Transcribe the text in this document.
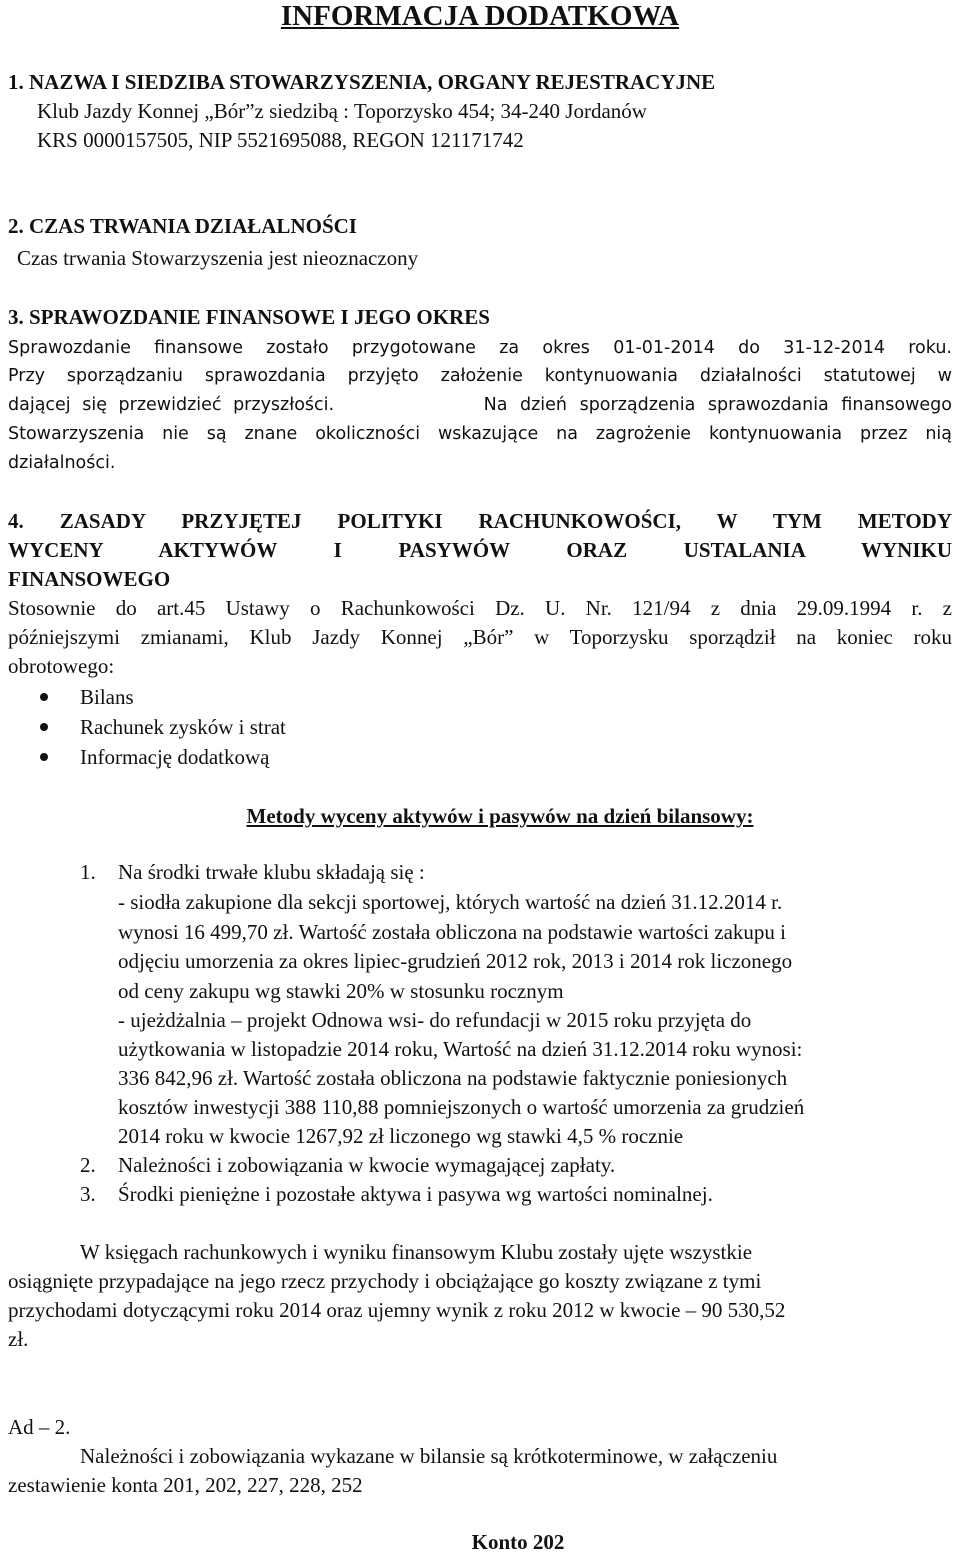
INFORMACJA DODATKOWA

1. NAZWA I SIEDZIBA STOWARZYSZENIA, ORGANY REJESTRACYJNE

Klub Jazdy Konnej „Bór”z siedzibą : Toporzysko 454; 34-240 Jordanów

KRS 0000157505, NIP 5521695088, REGON 121171742

2. CZAS TRWANIA DZIAŁALNOŚCI

Czas trwania Stowarzyszenia jest nieoznaczony

3. SPRAWOZDANIE FINANSOWE I JEGO OKRES

Sprawozdanie finansowe zostało przygotowane za okres 01-01-2014 do 31-12-2014 roku.

Przy sporządzaniu sprawozdania przyjęto założenie kontynuowania działalności statutowej w

dającej się przewidzieć przyszłości.	Na dzień sporządzenia sprawozdania finansowego

Stowarzyszenia nie są znane okoliczności wskazujące na zagrożenie kontynuowania przez nią

działalności.

4. ZASADY PRZYJĘTEJ POLITYKI RACHUNKOWOŚCI, W TYM METODY

WYCENY AKTYWÓW I PASYWÓW ORAZ USTALANIA WYNIKU

FINANSOWEGO

Stosownie do art.45 Ustawy o Rachunkowości Dz. U. Nr. 121/94 z dnia 29.09.1994 r. z

późniejszymi zmianami, Klub Jazdy Konnej „Bór” w Toporzysku sporządził na koniec roku

obrotowego:

Bilans

Rachunek zysków i strat

Informację dodatkową

Metody wyceny aktywów i pasywów na dzień bilansowy:

1. Na środki trwałe klubu składają się :

- siodła zakupione dla sekcji sportowej, których wartość na dzień 31.12.2014 r.

wynosi 16 499,70 zł. Wartość została obliczona na podstawie wartości zakupu i

odjęciu umorzenia za okres lipiec-grudzień 2012 rok, 2013 i 2014 rok liczonego

od ceny zakupu wg stawki 20% w stosunku rocznym

- ujeżdżalnia – projekt Odnowa wsi- do refundacji w 2015 roku przyjęta do

użytkowania w listopadzie 2014 roku, Wartość na dzień 31.12.2014 roku wynosi:

336 842,96 zł. Wartość została obliczona na podstawie faktycznie poniesionych

kosztów inwestycji 388 110,88 pomniejszonych o wartość umorzenia za grudzień

2014 roku w kwocie 1267,92 zł liczonego wg stawki 4,5 % rocznie

2. Należności i zobowiązania w kwocie wymagającej zapłaty.

3. Środki pieniężne i pozostałe aktywa i pasywa wg wartości nominalnej.

W księgach rachunkowych i wyniku finansowym Klubu zostały ujęte wszystkie

osiągnięte przypadające na jego rzecz przychody i obciążające go koszty związane z tymi

przychodami dotyczącymi roku 2014 oraz ujemny wynik z roku 2012 w kwocie – 90 530,52

zł.

Ad – 2.

Należności i zobowiązania wykazane w bilansie są krótkoterminowe, w załączeniu

zestawienie konta 201, 202, 227, 228, 252

Konto 202
